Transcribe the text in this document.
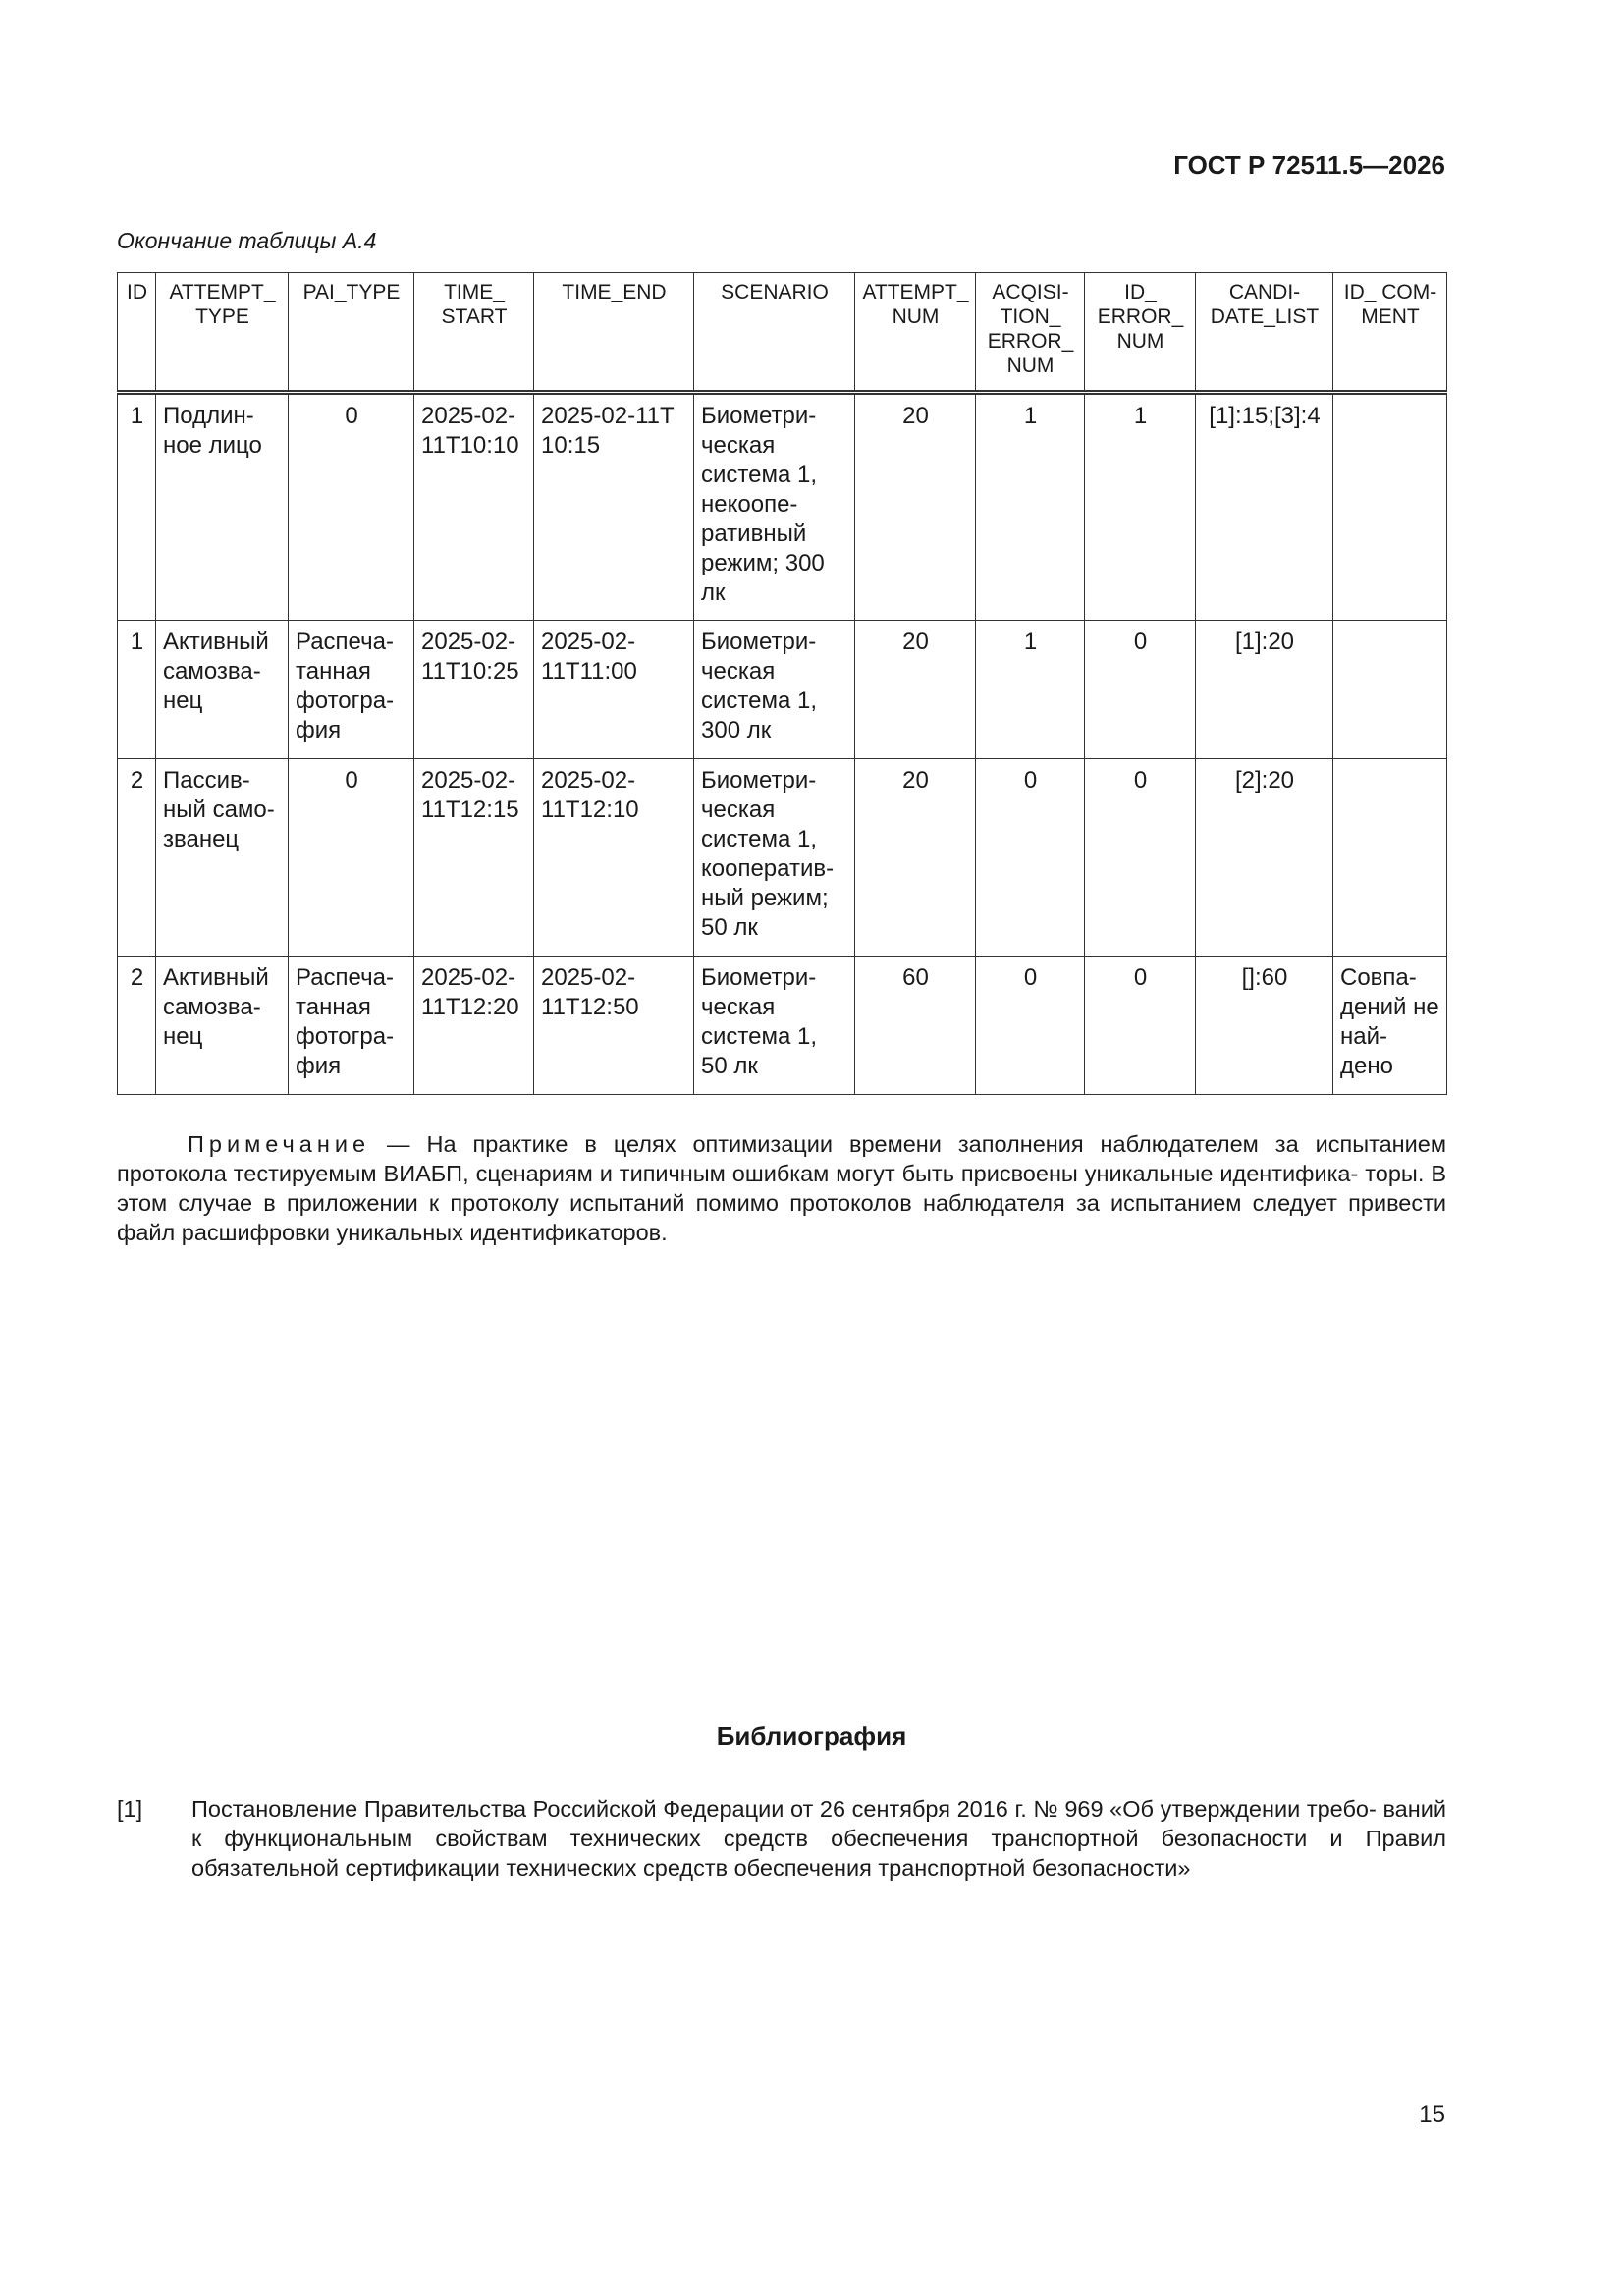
ГОСТ Р 72511.5—2026
Окончание таблицы А.4
ID	ATTEMPT_ TYPE	PAI_TYPE	TIME_ START	TIME_END	SCENARIO	ATTEMPT_ NUM	ACQISI- TION_ ERROR_ NUM	ID_ ERROR_ NUM	CANDI- DATE_LIST	ID_ COM- MENT
1	Подлин- ное лицо	0	2025-02- 11T10:10	2025-02-11T 10:15	Биометри- ческая система 1, некоопе- ративный режим; 300 лк	20	1	1	[1]:15;[3]:4	
1	Активный самозва- нец	Распеча- танная фотогра- фия	2025-02- 11T10:25	2025-02- 11T11:00	Биометри- ческая система 1, 300 лк	20	1	0	[1]:20	
2	Пассив- ный само- званец	0	2025-02- 11T12:15	2025-02- 11T12:10	Биометри- ческая система 1, кооператив- ный режим; 50 лк	20	0	0	[2]:20	
2	Активный самозва- нец	Распеча- танная фотогра- фия	2025-02- 11T12:20	2025-02- 11T12:50	Биометри- ческая система 1, 50 лк	60	0	0	[]:60	Совпа- дений не най- дено
Примечание — На практике в целях оптимизации времени заполнения наблюдателем за испытанием протокола тестируемым ВИАБП, сценариям и типичным ошибкам могут быть присвоены уникальные идентифика- торы. В этом случае в приложении к протоколу испытаний помимо протоколов наблюдателя за испытанием следует привести файл расшифровки уникальных идентификаторов.
Библиография
[1] Постановление Правительства Российской Федерации от 26 сентября 2016 г. № 969 «Об утверждении требо- ваний к функциональным свойствам технических средств обеспечения транспортной безопасности и Правил обязательной сертификации технических средств обеспечения транспортной безопасности»
15
